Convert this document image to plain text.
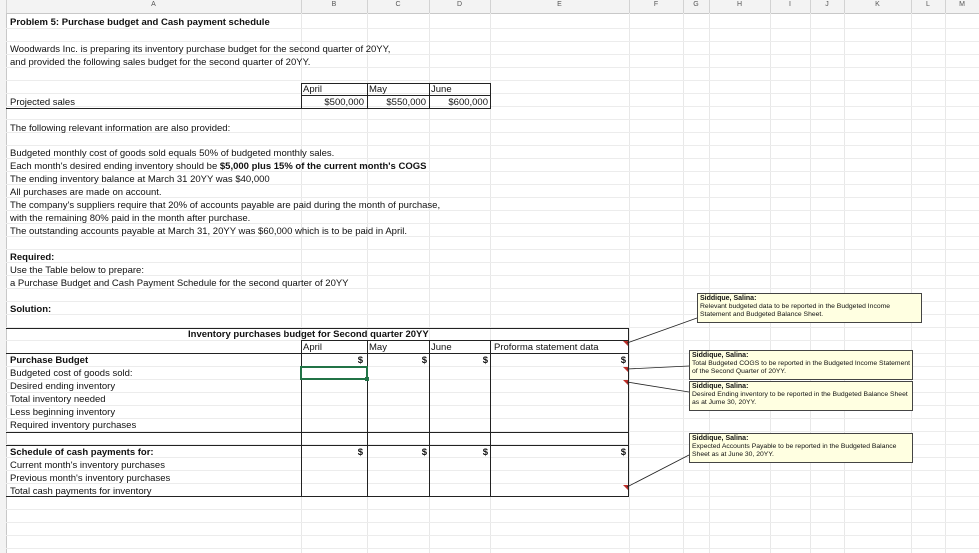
A	B	C	D	E	F	G	H	I	J	K	L	M
Problem 5: Purchase budget and Cash payment schedule
Woodwards Inc. is preparing its inventory purchase budget for the second quarter of 20YY,
and provided the following sales budget for the second quarter of 20YY.
April	May	June
Projected sales	$500,000	$550,000	$600,000
The following relevant information are also provided:
Budgeted monthly cost of goods sold equals 50% of budgeted monthly sales.
Each month's desired ending inventory should be $5,000 plus 15% of the current month's COGS
The ending inventory balance at March 31 20YY was $40,000
All purchases are made on account.
The company's suppliers require that 20% of accounts payable are paid during the month of purchase,
with the remaining 80% paid in the month after purchase.
The outstanding accounts payable at March 31, 20YY was $60,000 which is to be paid in April.
Required:
Use the Table below to prepare:
a Purchase Budget and Cash Payment Schedule for the second quarter of 20YY
Solution:
Inventory purchases budget for Second quarter 20YY
April	May	June	Proforma statement data
Purchase Budget	$	$	$	$
Budgeted cost of goods sold:
Desired ending inventory
Total inventory needed
Less beginning inventory
Required inventory purchases
Schedule of cash payments for:	$	$	$	$
Current month's inventory purchases
Previous month's inventory purchases
Total cash payments for inventory
Siddique, Salina:
Relevant budgeted data to be reported in the Budgeted Income Statement and Budgeted Balance Sheet.
Siddique, Salina:
Total Budgeted COGS to be reported in the Budgeted Income Statement of the Second Quarter of 20YY.
Siddique, Salina:
Desired Ending inventory to be reported in the Budgeted Balance Sheet as at Jume 30, 20YY.
Siddique, Salina:
Expected Accounts Payable to be reported in the Budgeted Balance Sheet as at June 30, 20YY.
